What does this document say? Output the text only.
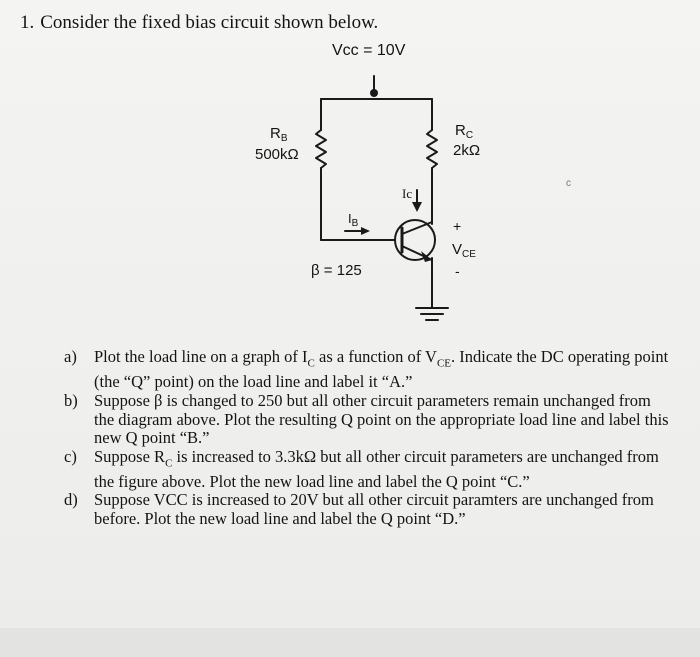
1. Consider the fixed bias circuit shown below.
Vcc = 10V
$R_B$
500kΩ
$R_C$
2kΩ
Ic
$I_B$	+
$V_{CE}$
-
β = 125
c

a) Plot the load line on a graph of $I_C$ as a function of $V_{CE}$. Indicate the DC operating point (the “Q” point) on the load line and label it “A.”

b) Suppose β is changed to 250 but all other circuit parameters remain unchanged from the diagram above. Plot the resulting Q point on the appropriate load line and label this new Q point “B.”

c) Suppose $R_C$ is increased to 3.3kΩ but all other circuit parameters are unchanged from the figure above. Plot the new load line and label the Q point “C.”

d) Suppose VCC is increased to 20V but all other circuit paramters are unchanged from before. Plot the new load line and label the Q point “D.”
